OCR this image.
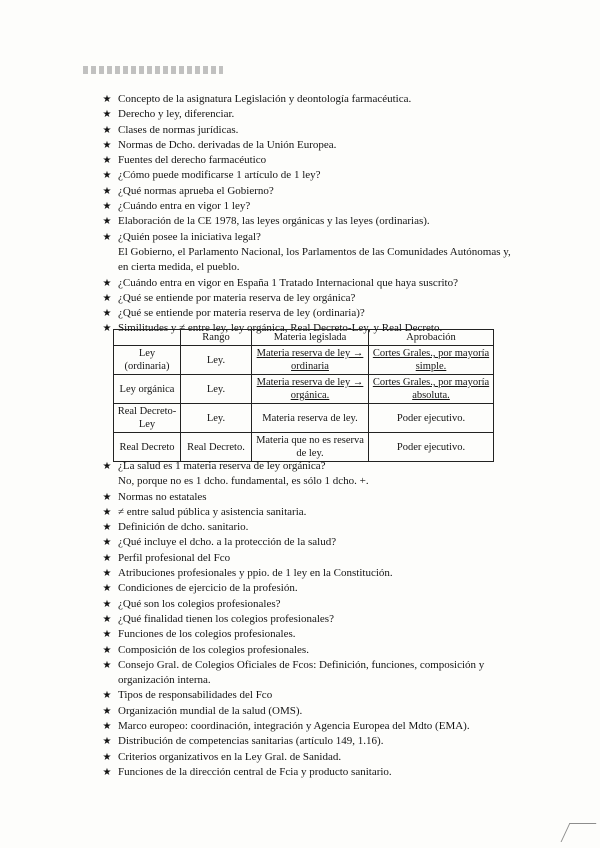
★ Concepto de la asignatura Legislación y deontología farmacéutica.
★ Derecho y ley, diferenciar.
★ Clases de normas jurídicas.
★ Normas de Dcho. derivadas de la Unión Europea.
★ Fuentes del derecho farmacéutico
★ ¿Cómo puede modificarse 1 artículo de 1 ley?
★ ¿Qué normas aprueba el Gobierno?
★ ¿Cuándo entra en vigor 1 ley?
★ Elaboración de la CE 1978, las leyes orgánicas y las leyes (ordinarias).
★ ¿Quién posee la iniciativa legal?
El Gobierno, el Parlamento Nacional, los Parlamentos de las Comunidades Autónomas y, en cierta medida, el pueblo.
★ ¿Cuándo entra en vigor en España 1 Tratado Internacional que haya suscrito?
★ ¿Qué se entiende por materia reserva de ley orgánica?
★ ¿Qué se entiende por materia reserva de ley (ordinaria)?
★ Similitudes y ≠ entre ley, ley orgánica, Real Decreto-Ley, y Real Decreto.
	Rango	Materia legislada	Aprobación
Ley (ordinaria)	Ley.	Materia reserva de ley → ordinaria	Cortes Grales., por mayoría simple.
Ley orgánica	Ley.	Materia reserva de ley → orgánica.	Cortes Grales., por mayoría absoluta.
Real Decreto-Ley	Ley.	Materia reserva de ley.	Poder ejecutivo.
Real Decreto	Real Decreto.	Materia que no es reserva de ley.	Poder ejecutivo.
★ ¿La salud es 1 materia reserva de ley orgánica?
No, porque no es 1 dcho. fundamental, es sólo 1 dcho. +.
★ Normas no estatales
★ ≠ entre salud pública y asistencia sanitaria.
★ Definición de dcho. sanitario.
★ ¿Qué incluye el dcho. a la protección de la salud?
★ Perfil profesional del Fco
★ Atribuciones profesionales y ppio. de 1 ley en la Constitución.
★ Condiciones de ejercicio de la profesión.
★ ¿Qué son los colegios profesionales?
★ ¿Qué finalidad tienen los colegios profesionales?
★ Funciones de los colegios profesionales.
★ Composición de los colegios profesionales.
★ Consejo Gral. de Colegios Oficiales de Fcos: Definición, funciones, composición y organización interna.
★ Tipos de responsabilidades del Fco
★ Organización mundial de la salud (OMS).
★ Marco europeo: coordinación, integración y Agencia Europea del Mdto (EMA).
★ Distribución de competencias sanitarias (artículo 149, 1.16).
★ Criterios organizativos en la Ley Gral. de Sanidad.
★ Funciones de la dirección central de Fcia y producto sanitario.
